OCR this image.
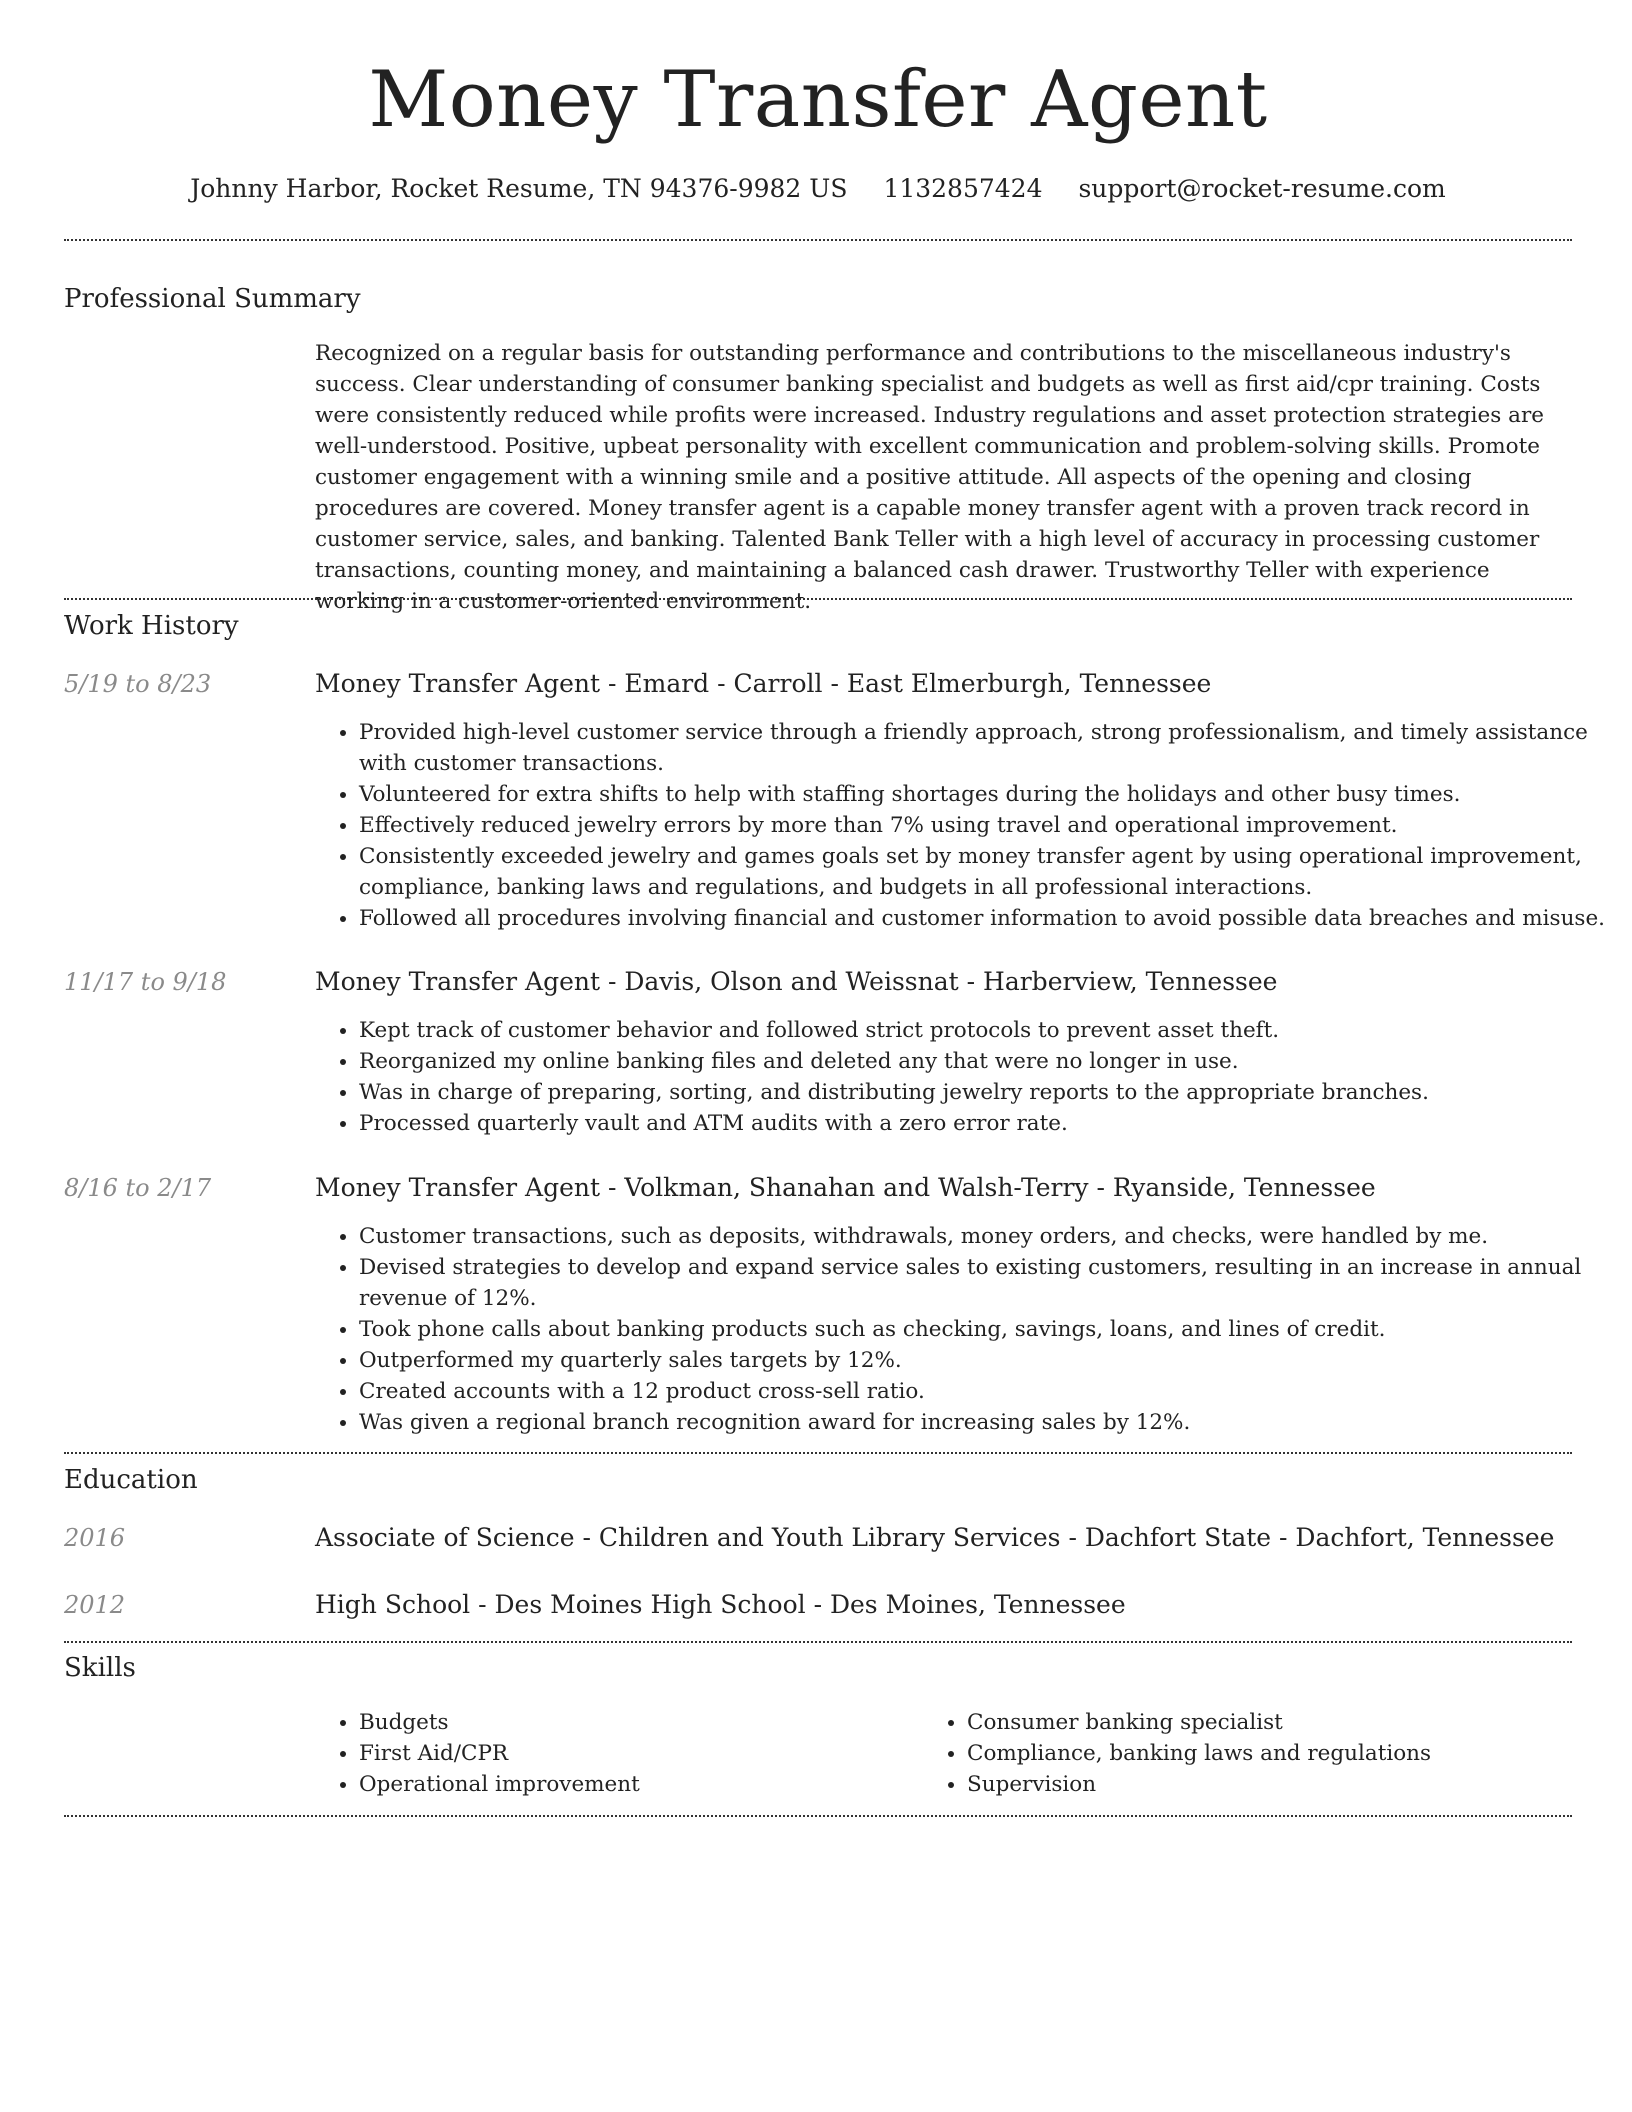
Money Transfer Agent
Johnny Harbor, Rocket Resume, TN 94376-9982 US 1132857424 support@rocket-resume.com
Professional Summary
Recognized on a regular basis for outstanding performance and contributions to the miscellaneous industry's success. Clear understanding of consumer banking specialist and budgets as well as first aid/cpr training. Costs were consistently reduced while profits were increased. Industry regulations and asset protection strategies are well-understood. Positive, upbeat personality with excellent communication and problem-solving skills. Promote customer engagement with a winning smile and a positive attitude. All aspects of the opening and closing procedures are covered. Money transfer agent is a capable money transfer agent with a proven track record in customer service, sales, and banking. Talented Bank Teller with a high level of accuracy in processing customer transactions, counting money, and maintaining a balanced cash drawer. Trustworthy Teller with experience working in a customer-oriented environment.
Work History
5/19 to 8/23	Money Transfer Agent - Emard - Carroll - East Elmerburgh, Tennessee
• Provided high-level customer service through a friendly approach, strong professionalism, and timely assistance with customer transactions.
• Volunteered for extra shifts to help with staffing shortages during the holidays and other busy times.
• Effectively reduced jewelry errors by more than 7% using travel and operational improvement.
• Consistently exceeded jewelry and games goals set by money transfer agent by using operational improvement, compliance, banking laws and regulations, and budgets in all professional interactions.
• Followed all procedures involving financial and customer information to avoid possible data breaches and misuse.
11/17 to 9/18	Money Transfer Agent - Davis, Olson and Weissnat - Harberview, Tennessee
• Kept track of customer behavior and followed strict protocols to prevent asset theft.
• Reorganized my online banking files and deleted any that were no longer in use.
• Was in charge of preparing, sorting, and distributing jewelry reports to the appropriate branches.
• Processed quarterly vault and ATM audits with a zero error rate.
8/16 to 2/17	Money Transfer Agent - Volkman, Shanahan and Walsh-Terry - Ryanside, Tennessee
• Customer transactions, such as deposits, withdrawals, money orders, and checks, were handled by me.
• Devised strategies to develop and expand service sales to existing customers, resulting in an increase in annual revenue of 12%.
• Took phone calls about banking products such as checking, savings, loans, and lines of credit.
• Outperformed my quarterly sales targets by 12%.
• Created accounts with a 12 product cross-sell ratio.
• Was given a regional branch recognition award for increasing sales by 12%.
Education
2016	Associate of Science - Children and Youth Library Services - Dachfort State - Dachfort, Tennessee
2012	High School - Des Moines High School - Des Moines, Tennessee
Skills
• Budgets
• First Aid/CPR
• Operational improvement
• Consumer banking specialist
• Compliance, banking laws and regulations
• Supervision
